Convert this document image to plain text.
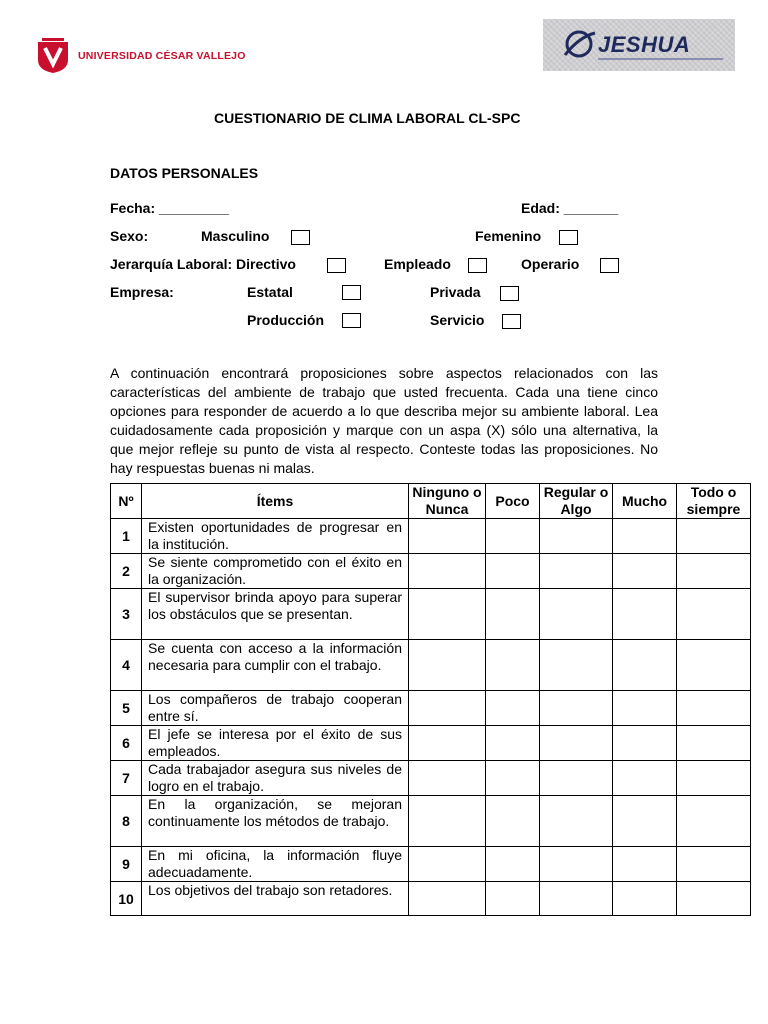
UNIVERSIDAD CÉSAR VALLEJO	JESHUA
CUESTIONARIO DE CLIMA LABORAL CL-SPC
DATOS PERSONALES
Fecha: _________	Edad: _______
Sexo:	Masculino	Femenino
Jerarquía Laboral: Directivo	Empleado	Operario
Empresa:	Estatal	Privada
Producción	Servicio

A continuación encontrará proposiciones sobre aspectos relacionados con las características del ambiente de trabajo que usted frecuenta. Cada una tiene cinco opciones para responder de acuerdo a lo que describa mejor su ambiente laboral. Lea cuidadosamente cada proposición y marque con un aspa (X) sólo una alternativa, la que mejor refleje su punto de vista al respecto. Conteste todas las proposiciones. No hay respuestas buenas ni malas.

Nº	Ítems	Ninguno o Nunca	Poco	Regular o Algo	Mucho	Todo o siempre
1	Existen oportunidades de progresar en la institución.					
2	Se siente comprometido con el éxito en la organización.					
3	El supervisor brinda apoyo para superar los obstáculos que se presentan.					
4	Se cuenta con acceso a la información necesaria para cumplir con el trabajo.					
5	Los compañeros de trabajo cooperan entre sí.					
6	El jefe se interesa por el éxito de sus empleados.					
7	Cada trabajador asegura sus niveles de logro en el trabajo.					
8	En la organización, se mejoran continuamente los métodos de trabajo.					
9	En mi oficina, la información fluye adecuadamente.					
10	Los objetivos del trabajo son retadores.					
